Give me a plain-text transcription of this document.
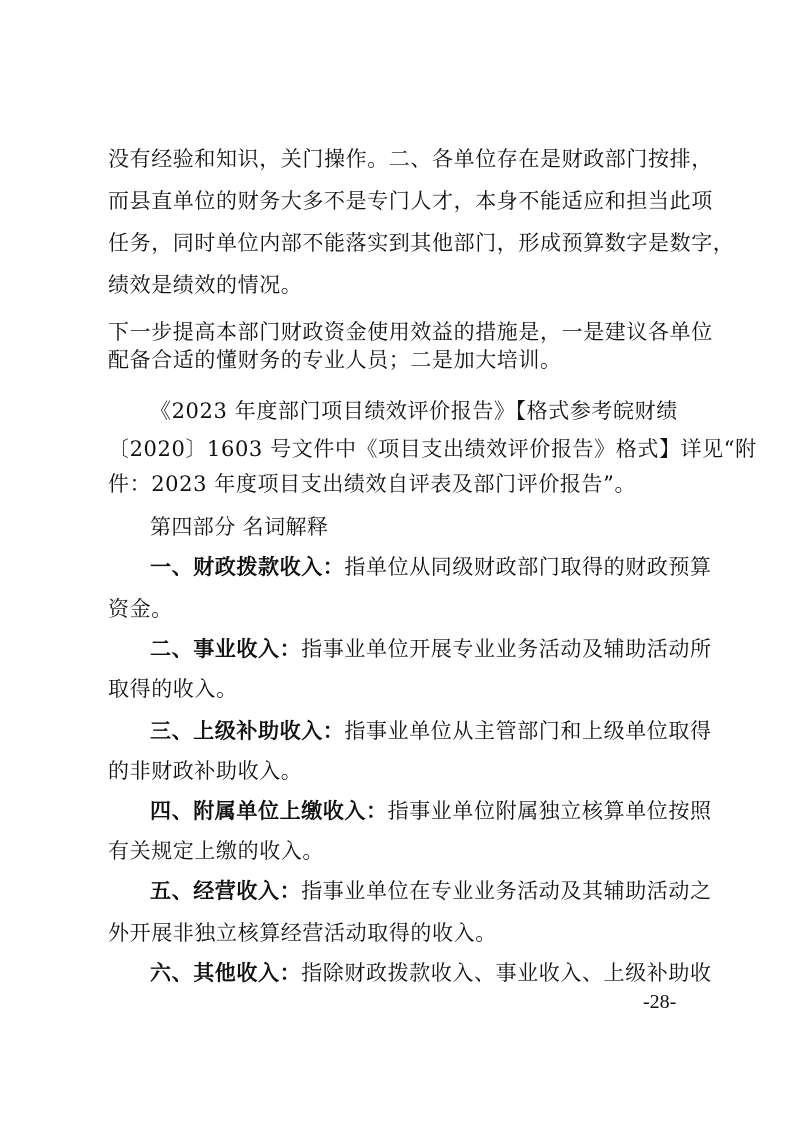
没有经验和知识，关门操作。二、各单位存在是财政部门按排，
而县直单位的财务大多不是专门人才，本身不能适应和担当此项
任务，同时单位内部不能落实到其他部门，形成预算数字是数字，
绩效是绩效的情况。
下一步提高本部门财政资金使用效益的措施是，一是建议各单位
配备合适的懂财务的专业人员；二是加大培训。
《2023 年度部门项目绩效评价报告》【格式参考皖财绩
〔2020〕1603 号文件中《项目支出绩效评价报告》格式】详见“附
件：2023 年度项目支出绩效自评表及部门评价报告”。
第四部分 名词解释
一、财政拨款收入：指单位从同级财政部门取得的财政预算
资金。
二、事业收入：指事业单位开展专业业务活动及辅助活动所
取得的收入。
三、上级补助收入：指事业单位从主管部门和上级单位取得
的非财政补助收入。
四、附属单位上缴收入：指事业单位附属独立核算单位按照
有关规定上缴的收入。
五、经营收入：指事业单位在专业业务活动及其辅助活动之
外开展非独立核算经营活动取得的收入。
六、其他收入：指除财政拨款收入、事业收入、上级补助收
-28-
